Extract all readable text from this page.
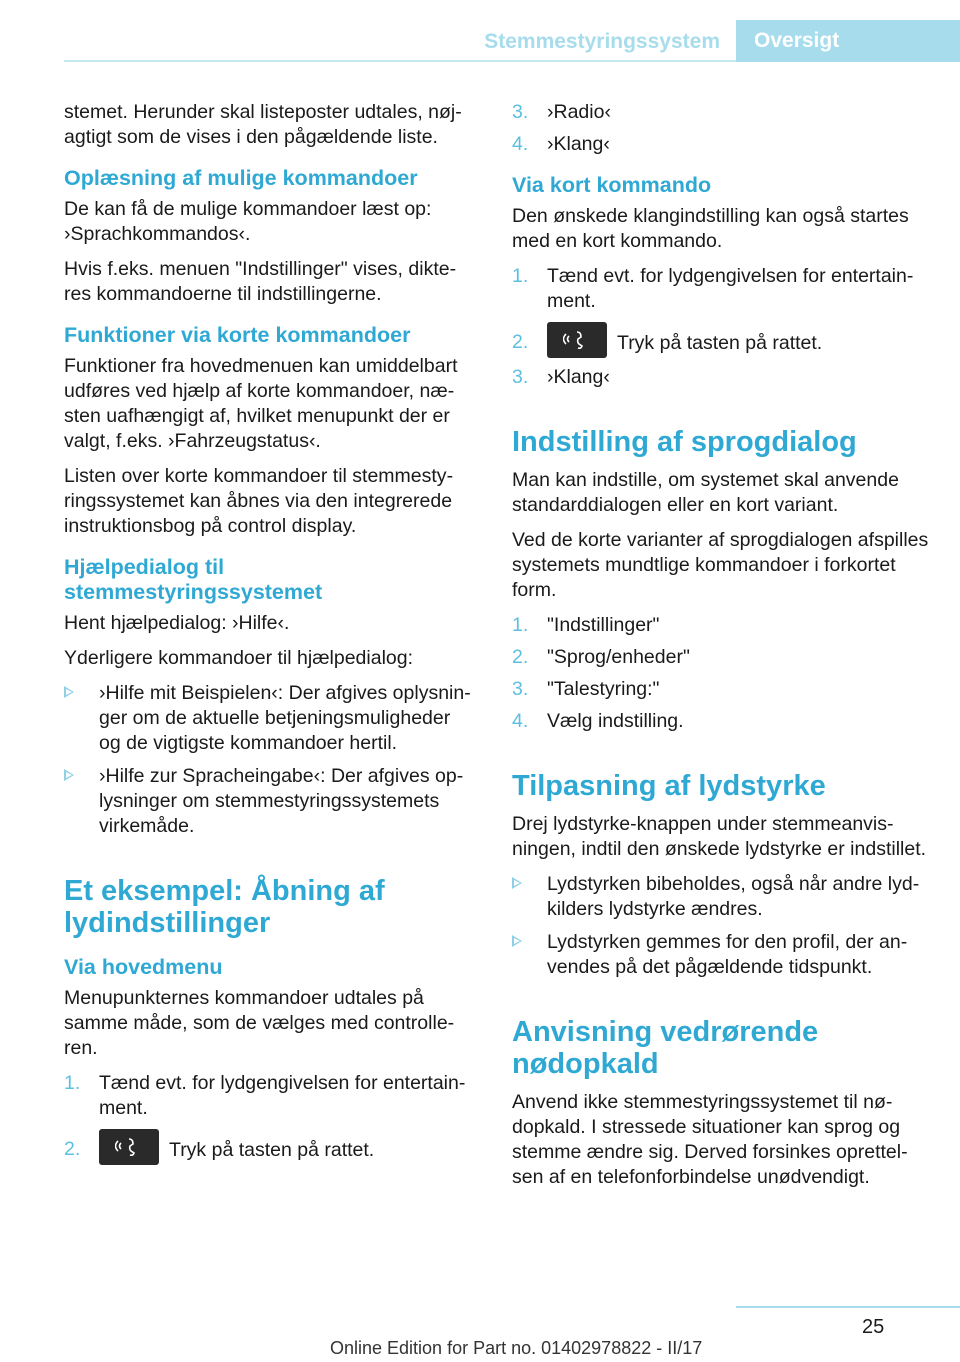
Stemmestyringssystem Oversigt

stemet. Herunder skal listeposter udtales, nøjagtigt som de vises i den pågældende liste.

Oplæsning af mulige kommandoer

De kan få de mulige kommandoer læst op: ›Sprachkommandos‹.

Hvis f.eks. menuen "Indstillinger" vises, dikteres kommandoerne til indstillingerne.

Funktioner via korte kommandoer

Funktioner fra hovedmenuen kan umiddelbart udføres ved hjælp af korte kommandoer, næsten uafhængigt af, hvilket menupunkt der er valgt, f.eks. ›Fahrzeugstatus‹.

Listen over korte kommandoer til stemmestyringssystemet kan åbnes via den integrerede instruktionsbog på control display.

Hjælpedialog til stemmestyringssystemet

Hent hjælpedialog: ›Hilfe‹.

Yderligere kommandoer til hjælpedialog:

›Hilfe mit Beispielen‹: Der afgives oplysninger om de aktuelle betjeningsmuligheder og de vigtigste kommandoer hertil.
›Hilfe zur Spracheingabe‹: Der afgives oplysninger om stemmestyringssystemets virkemåde.
Et eksempel: Åbning af lydindstillinger
Via hovedmenu

Menupunkternes kommandoer udtales på samme måde, som de vælges med controlleren.

1. Tænd evt. for lydgengivelsen for entertainment.
2.	Tryk på tasten på rattet.
3. ›Radio‹
4. ›Klang‹
Via kort kommando

Den ønskede klangindstilling kan også startes med en kort kommando.

1. Tænd evt. for lydgengivelsen for entertainment.
2.	Tryk på tasten på rattet.
3. ›Klang‹
Indstilling af sprogdialog

Man kan indstille, om systemet skal anvende standarddialogen eller en kort variant.

Ved de korte varianter af sprogdialogen afspilles systemets mundtlige kommandoer i forkortet form.

1. "Indstillinger"
2. "Sprog/enheder"
3. "Talestyring:"
4. Vælg indstilling.
Tilpasning af lydstyrke

Drej lydstyrke-knappen under stemmeanvisningen, indtil den ønskede lydstyrke er indstillet.

Lydstyrken bibeholdes, også når andre lydkilders lydstyrke ændres.
Lydstyrken gemmes for den profil, der anvendes på det pågældende tidspunkt.
Anvisning vedrørende nødopkald

Anvend ikke stemmestyringssystemet til nødopkald. I stressede situationer kan sprog og stemme ændre sig. Derved forsinkes oprettelsen af en telefonforbindelse unødvendigt.

25
Online Edition for Part no. 01402978822 - II/17
